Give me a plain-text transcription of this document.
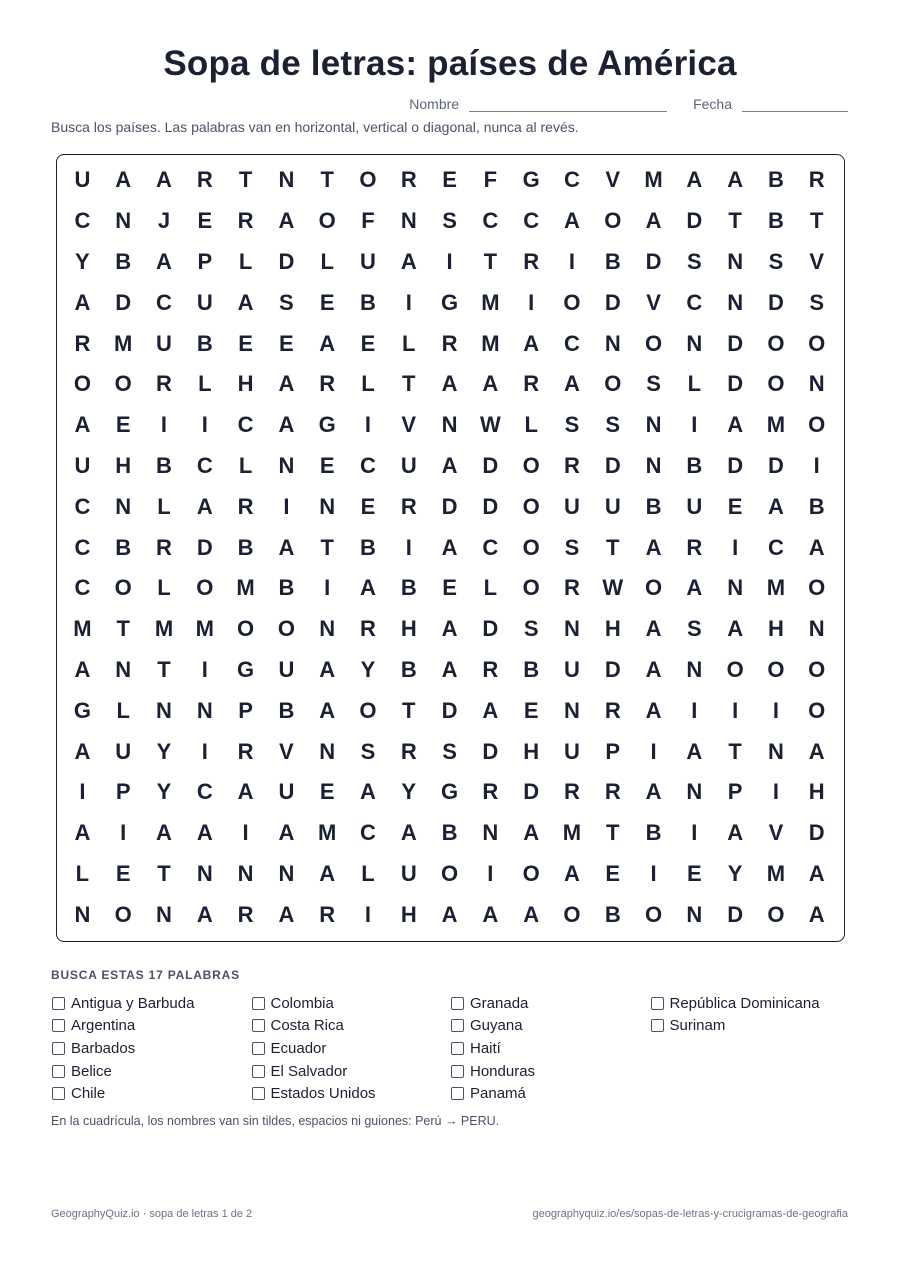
Sopa de letras: países de América
Nombre	Fecha
Busca los países. Las palabras van en horizontal, vertical o diagonal, nunca al revés.
U	A	A	R	T	N	T	O	R	E	F	G	C	V	M	A	A	B	R
C	N	J	E	R	A	O	F	N	S	C	C	A	O	A	D	T	B	T
Y	B	A	P	L	D	L	U	A	I	T	R	I	B	D	S	N	S	V
A	D	C	U	A	S	E	B	I	G	M	I	O	D	V	C	N	D	S
R	M	U	B	E	E	A	E	L	R	M	A	C	N	O	N	D	O	O
O	O	R	L	H	A	R	L	T	A	A	R	A	O	S	L	D	O	N
A	E	I	I	C	A	G	I	V	N	W	L	S	S	N	I	A	M	O
U	H	B	C	L	N	E	C	U	A	D	O	R	D	N	B	D	D	I
C	N	L	A	R	I	N	E	R	D	D	O	U	U	B	U	E	A	B
C	B	R	D	B	A	T	B	I	A	C	O	S	T	A	R	I	C	A
C	O	L	O	M	B	I	A	B	E	L	O	R	W O	A	N	M	O
M	T	M	M	O	O	N	R	H	A	D	S	N	H	A	S	A	H	N
A	N	T	I	G	U	A	Y	B	A	R	B	U	D	A	N	O	O	O
G	L	N	N	P	B	A	O	T	D	A	E	N	R	A	I	I	I	O
A	U	Y	I	R	V	N	S	R	S	D	H	U	P	I	A	T	N	A
I	P	Y	C	A	U	E	A	Y	G	R	D	R	R	A	N	P	I	H
A	I	A	A	I	A	M	C	A	B	N	A	M	T	B	I	A	V	D
L	E	T	N	N	N	A	L	U	O	I	O	A	E	I	E	Y	M	A
N	O	N	A	R	A	R	I	H	A	A	A	O	B	O	N	D	O	A
BUSCA ESTAS 17 PALABRAS
Antigua y Barbuda
Argentina
Barbados
Belice
Chile
Colombia
Costa Rica
Ecuador
El Salvador
Estados Unidos
Granada
Guyana
Haití
Honduras
Panamá
República Dominicana
Surinam
En la cuadrícula, los nombres van sin tildes, espacios ni guiones: Perú → PERU.
GeographyQuiz.io · sopa de letras 1 de 2	geographyquiz.io/es/sopas-de-letras-y-crucigramas-de-geografia
